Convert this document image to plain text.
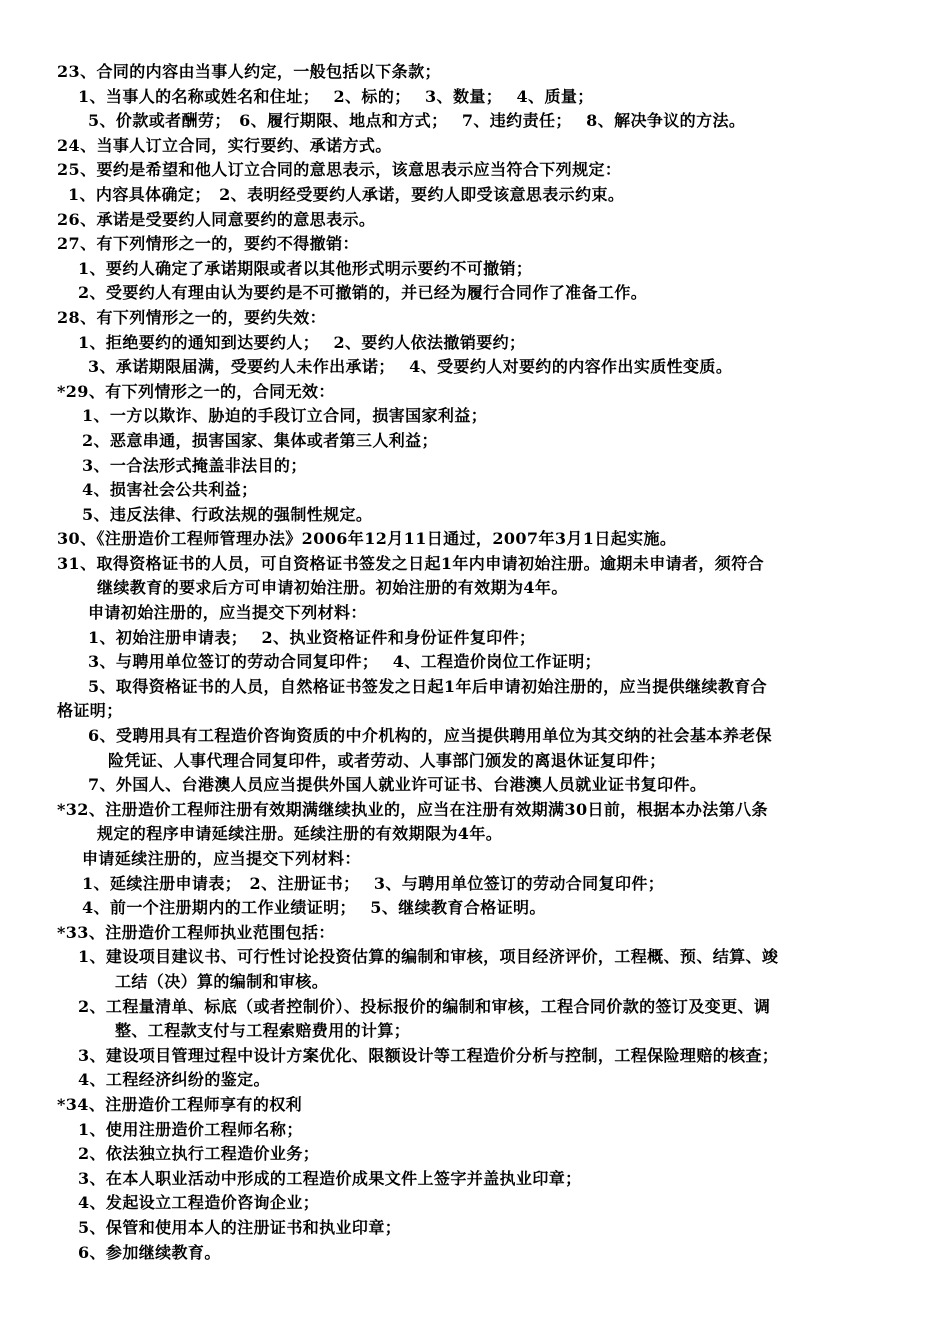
23、合同的内容由当事人约定，一般包括以下条款；
1、当事人的名称或姓名和住址；　 2、标的；　 3、数量；　 4、质量；
5、价款或者酬劳；　6、履行期限、地点和方式；　 7、违约责任；　 8、解决争议的方法。
24、当事人订立合同，实行要约、承诺方式。
25、要约是希望和他人订立合同的意思表示，该意思表示应当符合下列规定：
1、内容具体确定；　2、表明经受要约人承诺，要约人即受该意思表示约束。
26、承诺是受要约人同意要约的意思表示。
27、有下列情形之一的，要约不得撤销：
1、要约人确定了承诺期限或者以其他形式明示要约不可撤销；
2、受要约人有理由认为要约是不可撤销的，并已经为履行合同作了准备工作。
28、有下列情形之一的，要约失效：
1、拒绝要约的通知到达要约人；　 2、要约人依法撤销要约；
3、承诺期限届满，受要约人未作出承诺；　 4、受要约人对要约的内容作出实质性变质。
*29、有下列情形之一的，合同无效：
1、一方以欺诈、胁迫的手段订立合同，损害国家利益；
2、恶意串通，损害国家、集体或者第三人利益；
3、一合法形式掩盖非法目的；
4、损害社会公共利益；
5、违反法律、行政法规的强制性规定。
30、《注册造价工程师管理办法》2006年12月11日通过，2007年3月1日起实施。
31、取得资格证书的人员，可自资格证书签发之日起1年内申请初始注册。逾期未申请者，须符合
继续教育的要求后方可申请初始注册。初始注册的有效期为4年。
申请初始注册的，应当提交下列材料：
1、初始注册申请表；　 2、执业资格证件和身份证件复印件；
3、与聘用单位签订的劳动合同复印件；　 4、工程造价岗位工作证明；
5、取得资格证书的人员，自然格证书签发之日起1年后申请初始注册的，应当提供继续教育合
格证明；
6、受聘用具有工程造价咨询资质的中介机构的，应当提供聘用单位为其交纳的社会基本养老保
险凭证、人事代理合同复印件，或者劳动、人事部门颁发的离退休证复印件；
7、外国人、台港澳人员应当提供外国人就业许可证书、台港澳人员就业证书复印件。
*32、注册造价工程师注册有效期满继续执业的，应当在注册有效期满30日前，根据本办法第八条
规定的程序申请延续注册。延续注册的有效期限为4年。
申请延续注册的，应当提交下列材料：
1、延续注册申请表；　2、注册证书；　 3、与聘用单位签订的劳动合同复印件；
4、前一个注册期内的工作业绩证明；　 5、继续教育合格证明。
*33、注册造价工程师执业范围包括：
1、建设项目建议书、可行性讨论投资估算的编制和审核，项目经济评价，工程概、预、结算、竣
工结（决）算的编制和审核。
2、工程量清单、标底（或者控制价）、投标报价的编制和审核，工程合同价款的签订及变更、调
整、工程款支付与工程索赔费用的计算；
3、建设项目管理过程中设计方案优化、限额设计等工程造价分析与控制，工程保险理赔的核查；
4、工程经济纠纷的鉴定。
*34、注册造价工程师享有的权利
1、使用注册造价工程师名称；
2、依法独立执行工程造价业务；
3、在本人职业活动中形成的工程造价成果文件上签字并盖执业印章；
4、发起设立工程造价咨询企业；
5、保管和使用本人的注册证书和执业印章；
6、参加继续教育。
